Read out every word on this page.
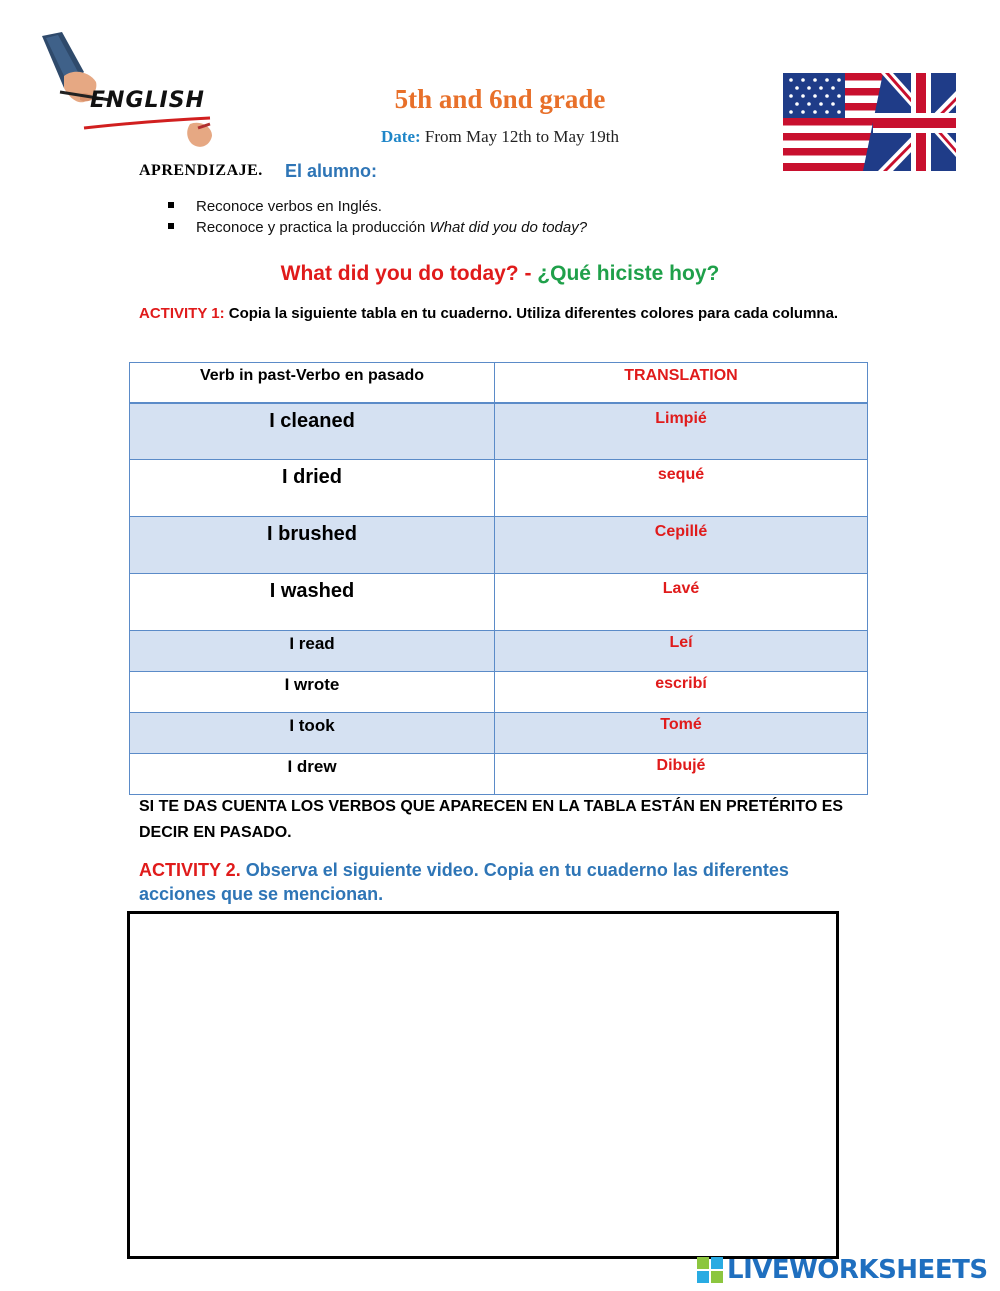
ENGLISH	5th and 6nd grade
Date: From May 12th to May 19th
APRENDIZAJE. El alumno:
Reconoce verbos en Inglés.
Reconoce y practica la producción What did you do today?
What did you do today? - ¿Qué hiciste hoy?
ACTIVITY 1: Copia la siguiente tabla en tu cuaderno. Utiliza diferentes colores para cada columna.
Verb in past-Verbo en pasado	TRANSLATION
I cleaned	Limpié
I dried	sequé
I brushed	Cepillé
I washed	Lavé
I read	Leí
I wrote	escribí
I took	Tomé
I drew	Dibujé
SI TE DAS CUENTA LOS VERBOS QUE APARECEN EN LA TABLA ESTÁN EN PRETÉRITO ES DECIR EN PASADO.
ACTIVITY 2. Observa el siguiente video. Copia en tu cuaderno las diferentes acciones que se mencionan.
LIVEWORKSHEETS
